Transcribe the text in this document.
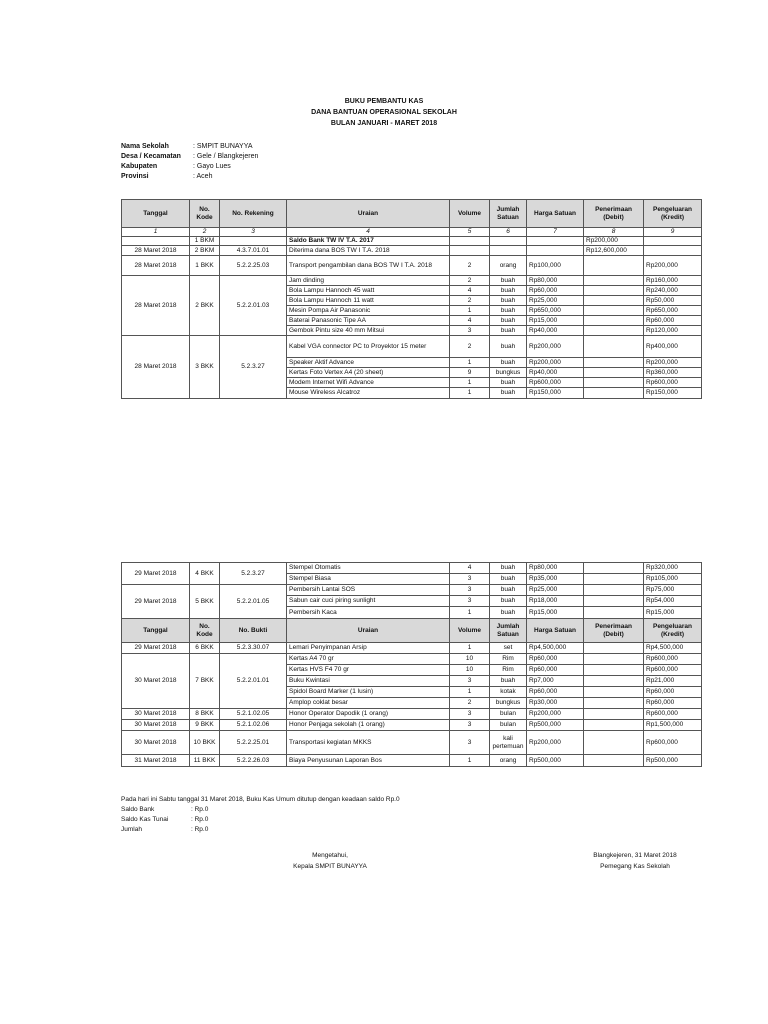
BUKU PEMBANTU KAS
DANA BANTUAN OPERASIONAL SEKOLAH
BULAN JANUARI - MARET 2018
Nama Sekolah	: SMPIT BUNAYYA
Desa / Kecamatan	: Gele / Blangkejeren
Kabupaten	: Gayo Lues
Provinsi	: Aceh
Tanggal	No. Kode	No. Rekening	Uraian	Volume	Jumlah Satuan	Harga Satuan	Penerimaan (Debit)	Pengeluaran (Kredit)
1	2	3	4	5	6	7	8	9
	1 BKM		Saldo Bank TW IV T.A. 2017				Rp200,000	
28 Maret 2018	2 BKM	4.3.7.01.01	Diterima dana BOS TW I T.A. 2018				Rp12,600,000	
28 Maret 2018	1 BKK	5.2.2.25.03	Transport pengambilan dana BOS TW I T.A. 2018	2	orang	Rp100,000		Rp200,000
28 Maret 2018	2 BKK	5.2.2.01.03	Jam dinding	2	buah	Rp80,000		Rp160,000
			Bola Lampu Hannoch 45 watt	4	buah	Rp60,000		Rp240,000
			Bola Lampu Hannoch 11 watt	2	buah	Rp25,000		Rp50,000
			Mesin Pompa Air Panasonic	1	buah	Rp650,000		Rp650,000
			Baterai Panasonic Tipe AA	4	buah	Rp15,000		Rp60,000
			Gembok Pintu size 40 mm Mitsui	3	buah	Rp40,000		Rp120,000
28 Maret 2018	3 BKK	5.2.3.27	Kabel VGA connector PC to Proyektor 15 meter	2	buah	Rp200,000		Rp400,000
			Speaker Aktif Advance	1	buah	Rp200,000		Rp200,000
			Kertas Foto Vertex A4 (20 sheet)	9	bungkus	Rp40,000		Rp360,000
			Modem Internet Wifi Advance	1	buah	Rp600,000		Rp600,000
			Mouse Wireless Alcatroz	1	buah	Rp150,000		Rp150,000
29 Maret 2018	4 BKK	5.2.3.27	Stempel Otomatis	4	buah	Rp80,000		Rp320,000
			Stempel Biasa	3	buah	Rp35,000		Rp105,000
29 Maret 2018	5 BKK	5.2.2.01.05	Pembersih Lantai SOS	3	buah	Rp25,000		Rp75,000
			Sabun cair cuci piring sunlight	3	buah	Rp18,000		Rp54,000
			Pembersih Kaca	1	buah	Rp15,000		Rp15,000
Tanggal	No. Kode	No. Bukti	Uraian	Volume	Jumlah Satuan	Harga Satuan	Penerimaan (Debit)	Pengeluaran (Kredit)
29 Maret 2018	6 BKK	5.2.3.30.07	Lemari Penyimpanan Arsip	1	set	Rp4,500,000		Rp4,500,000
30 Maret 2018	7 BKK	5.2.2.01.01	Kertas A4 70 gr	10	Rim	Rp60,000		Rp600,000
			Kertas HVS F4 70 gr	10	Rim	Rp60,000		Rp600,000
			Buku Kwintasi	3	buah	Rp7,000		Rp21,000
			Spidol Board Marker (1 lusin)	1	kotak	Rp60,000		Rp60,000
			Amplop coklat besar	2	bungkus	Rp30,000		Rp60,000
30 Maret 2018	8 BKK	5.2.1.02.05	Honor Operator Dapodik (1 orang)	3	bulan	Rp200,000		Rp600,000
30 Maret 2018	9 BKK	5.2.1.02.06	Honor Penjaga sekolah (1 orang)	3	bulan	Rp500,000		Rp1,500,000
30 Maret 2018	10 BKK	5.2.2.25.01	Transportasi kegiatan MKKS	3	kali pertemuan	Rp200,000		Rp600,000
31 Maret 2018	11 BKK	5.2.2.26.03	Biaya Penyusunan Laporan Bos	1	orang	Rp500,000		Rp500,000
Pada hari ini Sabtu tanggal 31 Maret 2018, Buku Kas Umum ditutup dengan keadaan saldo Rp.0
Saldo Bank	: Rp.0
Saldo Kas Tunai	: Rp.0
Jumlah	: Rp.0
Mengetahui,
Kepala SMPIT BUNAYYA
Blangkejeren, 31 Maret 2018
Pemegang Kas Sekolah
